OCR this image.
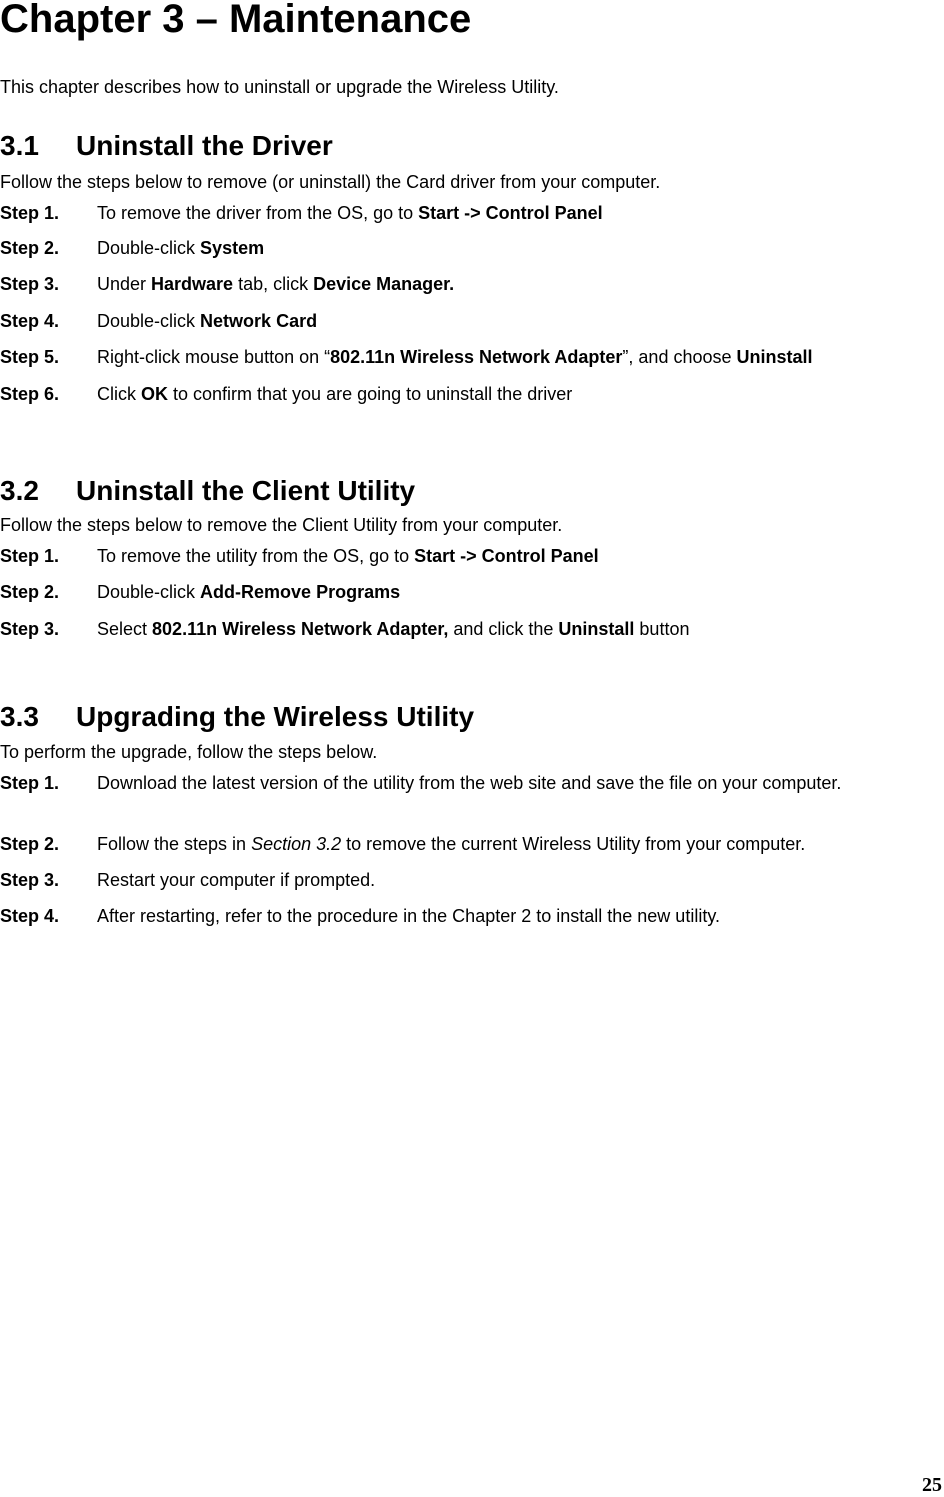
Chapter 3 – Maintenance
This chapter describes how to uninstall or upgrade the Wireless Utility.
3.1 Uninstall the Driver
Follow the steps below to remove (or uninstall) the Card driver from your computer.
Step 1. To remove the driver from the OS, go to Start -> Control Panel
Step 2. Double-click System
Step 3. Under Hardware tab, click Device Manager.
Step 4. Double-click Network Card
Step 5. Right-click mouse button on “802.11n Wireless Network Adapter”, and choose Uninstall
Step 6. Click OK to confirm that you are going to uninstall the driver
3.2 Uninstall the Client Utility
Follow the steps below to remove the Client Utility from your computer.
Step 1. To remove the utility from the OS, go to Start -> Control Panel
Step 2. Double-click Add-Remove Programs
Step 3. Select 802.11n Wireless Network Adapter, and click the Uninstall button
3.3 Upgrading the Wireless Utility
To perform the upgrade, follow the steps below.
Step 1. Download the latest version of the utility from the web site and save the file on your computer.
Step 2. Follow the steps in Section 3.2 to remove the current Wireless Utility from your computer.
Step 3. Restart your computer if prompted.
Step 4. After restarting, refer to the procedure in the Chapter 2 to install the new utility.
25
